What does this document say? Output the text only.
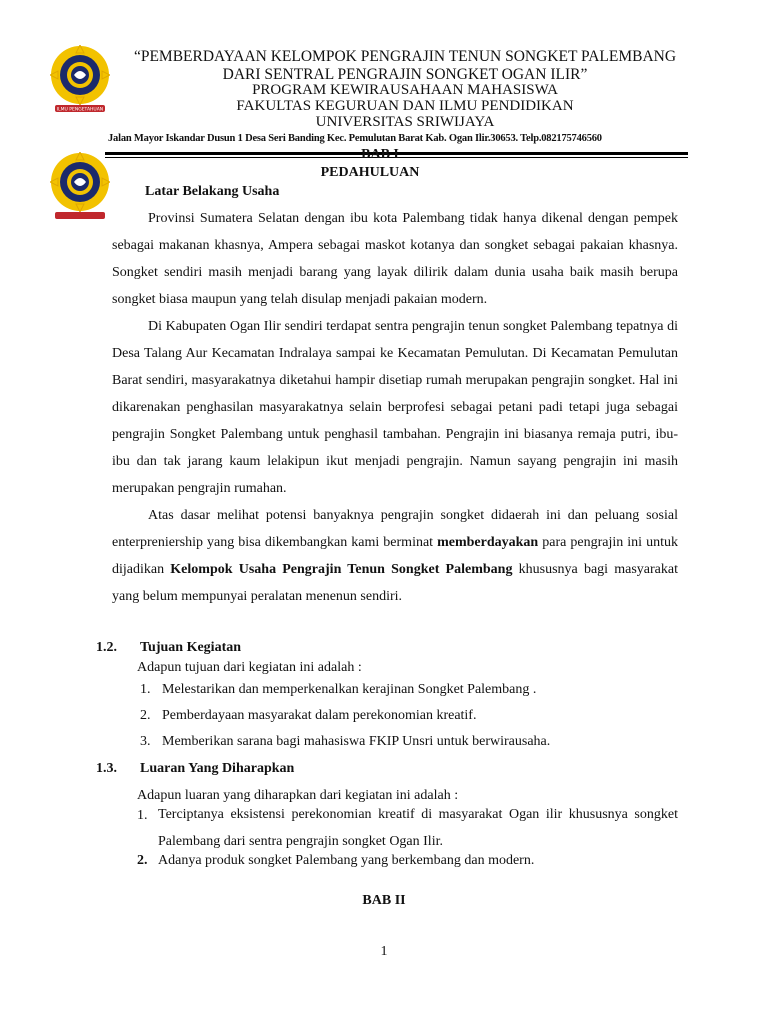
ILMU PENGETAHUAN
“PEMBERDAYAAN KELOMPOK PENGRAJIN TENUN SONGKET PALEMBANG
DARI SENTRAL PENGRAJIN SONGKET OGAN ILIR”
PROGRAM KEWIRAUSAHAAN MAHASISWA
FAKULTAS KEGURUAN DAN ILMU PENDIDIKAN
UNIVERSITAS SRIWIJAYA
Jalan Mayor Iskandar Dusun 1 Desa Seri Banding Kec. Pemulutan Barat Kab. Ogan Ilir.30653. Telp.082175746560
BAB I
PEDAHULUAN
Latar Belakang Usaha

Provinsi Sumatera Selatan dengan ibu kota Palembang tidak hanya dikenal dengan pempek sebagai makanan khasnya, Ampera sebagai maskot kotanya dan songket sebagai pakaian khasnya. Songket sendiri masih menjadi barang yang layak dilirik dalam dunia usaha baik masih berupa songket biasa maupun yang telah disulap menjadi pakaian modern.

Di Kabupaten Ogan Ilir sendiri terdapat sentra pengrajin tenun songket Palembang tepatnya di Desa Talang Aur Kecamatan Indralaya sampai ke Kecamatan Pemulutan. Di Kecamatan Pemulutan Barat sendiri, masyarakatnya diketahui hampir disetiap rumah merupakan pengrajin songket. Hal ini dikarenakan penghasilan masyarakatnya selain berprofesi sebagai petani padi tetapi juga sebagai pengrajin Songket Palembang untuk penghasil tambahan. Pengrajin ini biasanya remaja putri, ibu-ibu dan tak jarang kaum lelakipun ikut menjadi pengrajin. Namun sayang pengrajin ini masih merupakan pengrajin rumahan.

Atas dasar melihat potensi banyaknya pengrajin songket didaerah ini dan peluang sosial enterpreniership yang bisa dikembangkan kami berminat memberdayakan para pengrajin ini untuk dijadikan Kelompok Usaha Pengrajin Tenun Songket Palembang khususnya bagi masyarakat yang belum mempunyai peralatan menenun sendiri.

1.2. Tujuan Kegiatan
Adapun tujuan dari kegiatan ini adalah :
1. Melestarikan dan memperkenalkan kerajinan Songket Palembang .
2. Pemberdayaan masyarakat dalam perekonomian kreatif.
3. Memberikan sarana bagi mahasiswa FKIP Unsri untuk berwirausaha.
1.3. Luaran Yang Diharapkan
Adapun luaran yang diharapkan dari kegiatan ini adalah :
1. Terciptanya eksistensi perekonomian kreatif di masyarakat Ogan ilir khususnya songket Palembang dari sentra pengrajin songket Ogan Ilir.
2. Adanya produk songket Palembang yang berkembang dan modern.
BAB II
1
